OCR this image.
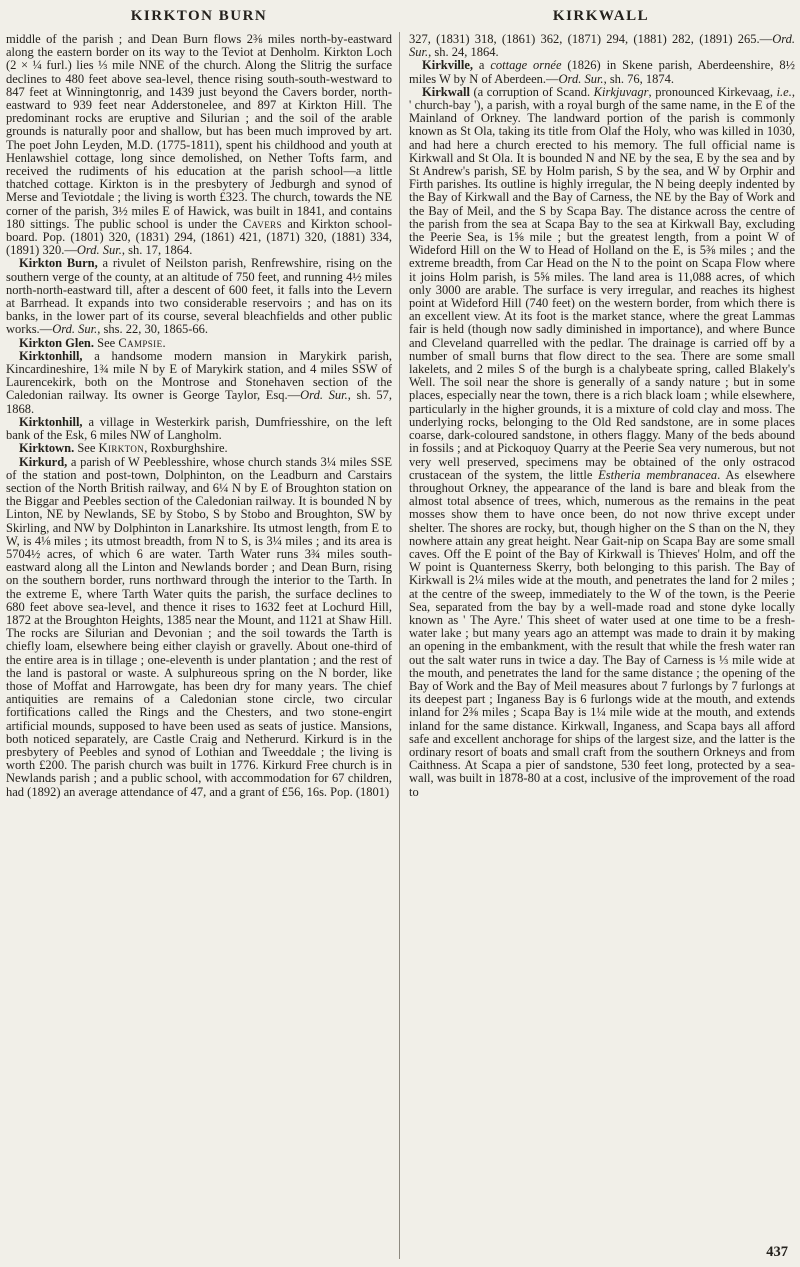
KIRKTON BURN	KIRKWALL

middle of the parish ; and Dean Burn flows 2⅜ miles north-by-eastward along the eastern border on its way to the Teviot at Denholm. Kirkton Loch (2 × ¼ furl.) lies ⅓ mile NNE of the church. Along the Slitrig the surface declines to 480 feet above sea-level, thence rising south-south-westward to 847 feet at Winningtonrig, and 1439 just beyond the Cavers border, north-eastward to 939 feet near Adderstonelee, and 897 at Kirkton Hill. The predominant rocks are eruptive and Silurian ; and the soil of the arable grounds is naturally poor and shallow, but has been much improved by art. The poet John Leyden, M.D. (1775-1811), spent his childhood and youth at Henlawshiel cottage, long since demolished, on Nether Tofts farm, and received the rudiments of his education at the parish school—a little thatched cottage. Kirkton is in the presbytery of Jedburgh and synod of Merse and Teviotdale ; the living is worth £323. The church, towards the NE corner of the parish, 3½ miles E of Hawick, was built in 1841, and contains 180 sittings. The public school is under the Cavers and Kirkton school-board. Pop. (1801) 320, (1831) 294, (1861) 421, (1871) 320, (1881) 334, (1891) 320.—Ord. Sur., sh. 17, 1864.

Kirkton Burn, a rivulet of Neilston parish, Renfrewshire, rising on the southern verge of the county, at an altitude of 750 feet, and running 4½ miles north-north-eastward till, after a descent of 600 feet, it falls into the Levern at Barrhead. It expands into two considerable reservoirs ; and has on its banks, in the lower part of its course, several bleachfields and other public works.—Ord. Sur., shs. 22, 30, 1865-66.

Kirkton Glen. See Campsie.

Kirktonhill, a handsome modern mansion in Marykirk parish, Kincardineshire, 1¾ mile N by E of Marykirk station, and 4 miles SSW of Laurencekirk, both on the Montrose and Stonehaven section of the Caledonian railway. Its owner is George Taylor, Esq.—Ord. Sur., sh. 57, 1868.

Kirktonhill, a village in Westerkirk parish, Dumfriesshire, on the left bank of the Esk, 6 miles NW of Langholm.

Kirktown. See Kirkton, Roxburghshire.

Kirkurd, a parish of W Peeblesshire, whose church stands 3¼ miles SSE of the station and post-town, Dolphinton, on the Leadburn and Carstairs section of the North British railway, and 6¼ N by E of Broughton station on the Biggar and Peebles section of the Caledonian railway. It is bounded N by Linton, NE by Newlands, SE by Stobo, S by Stobo and Broughton, SW by Skirling, and NW by Dolphinton in Lanarkshire. Its utmost length, from E to W, is 4⅛ miles ; its utmost breadth, from N to S, is 3¼ miles ; and its area is 5704½ acres, of which 6 are water. Tarth Water runs 3¾ miles south-eastward along all the Linton and Newlands border ; and Dean Burn, rising on the southern border, runs northward through the interior to the Tarth. In the extreme E, where Tarth Water quits the parish, the surface declines to 680 feet above sea-level, and thence it rises to 1632 feet at Lochurd Hill, 1872 at the Broughton Heights, 1385 near the Mount, and 1121 at Shaw Hill. The rocks are Silurian and Devonian ; and the soil towards the Tarth is chiefly loam, elsewhere being either clayish or gravelly. About one-third of the entire area is in tillage ; one-eleventh is under plantation ; and the rest of the land is pastoral or waste. A sulphureous spring on the N border, like those of Moffat and Harrowgate, has been dry for many years. The chief antiquities are remains of a Caledonian stone circle, two circular fortifications called the Rings and the Chesters, and two stone-engirt artificial mounds, supposed to have been used as seats of justice. Mansions, both noticed separately, are Castle Craig and Netherurd. Kirkurd is in the presbytery of Peebles and synod of Lothian and Tweeddale ; the living is worth £200. The parish church was built in 1776. Kirkurd Free church is in Newlands parish ; and a public school, with accommodation for 67 children, had (1892) an average attendance of 47, and a grant of £56, 16s. Pop. (1801)

327, (1831) 318, (1861) 362, (1871) 294, (1881) 282, (1891) 265.—Ord. Sur., sh. 24, 1864.

Kirkville, a cottage ornée (1826) in Skene parish, Aberdeenshire, 8½ miles W by N of Aberdeen.—Ord. Sur., sh. 76, 1874.

Kirkwall (a corruption of Scand. Kirkjuvagr, pronounced Kirkevaag, i.e., ' church-bay '), a parish, with a royal burgh of the same name, in the E of the Mainland of Orkney. The landward portion of the parish is commonly known as St Ola, taking its title from Olaf the Holy, who was killed in 1030, and had here a church erected to his memory. The full official name is Kirkwall and St Ola. It is bounded N and NE by the sea, E by the sea and by St Andrew's parish, SE by Holm parish, S by the sea, and W by Orphir and Firth parishes. Its outline is highly irregular, the N being deeply indented by the Bay of Kirkwall and the Bay of Carness, the NE by the Bay of Work and the Bay of Meil, and the S by Scapa Bay. The distance across the centre of the parish from the sea at Scapa Bay to the sea at Kirkwall Bay, excluding the Peerie Sea, is 1⅝ mile ; but the greatest length, from a point W of Wideford Hill on the W to Head of Holland on the E, is 5⅜ miles ; and the extreme breadth, from Car Head on the N to the point on Scapa Flow where it joins Holm parish, is 5⅝ miles. The land area is 11,088 acres, of which only 3000 are arable. The surface is very irregular, and reaches its highest point at Wideford Hill (740 feet) on the western border, from which there is an excellent view. At its foot is the market stance, where the great Lammas fair is held (though now sadly diminished in importance), and where Bunce and Cleveland quarrelled with the pedlar. The drainage is carried off by a number of small burns that flow direct to the sea. There are some small lakelets, and 2 miles S of the burgh is a chalybeate spring, called Blakely's Well. The soil near the shore is generally of a sandy nature ; but in some places, especially near the town, there is a rich black loam ; while elsewhere, particularly in the higher grounds, it is a mixture of cold clay and moss. The underlying rocks, belonging to the Old Red sandstone, are in some places coarse, dark-coloured sandstone, in others flaggy. Many of the beds abound in fossils ; and at Pickoquoy Quarry at the Peerie Sea very numerous, but not very well preserved, specimens may be obtained of the only ostracod crustacean of the system, the little Estheria membranacea. As elsewhere throughout Orkney, the appearance of the land is bare and bleak from the almost total absence of trees, which, numerous as the remains in the peat mosses show them to have once been, do not now thrive except under shelter. The shores are rocky, but, though higher on the S than on the N, they nowhere attain any great height. Near Gait-nip on Scapa Bay are some small caves. Off the E point of the Bay of Kirkwall is Thieves' Holm, and off the W point is Quanterness Skerry, both belonging to this parish. The Bay of Kirkwall is 2¼ miles wide at the mouth, and penetrates the land for 2 miles ; at the centre of the sweep, immediately to the W of the town, is the Peerie Sea, separated from the bay by a well-made road and stone dyke locally known as ' The Ayre.' This sheet of water used at one time to be a fresh-water lake ; but many years ago an attempt was made to drain it by making an opening in the embankment, with the result that while the fresh water ran out the salt water runs in twice a day. The Bay of Carness is ⅓ mile wide at the mouth, and penetrates the land for the same distance ; the opening of the Bay of Work and the Bay of Meil measures about 7 furlongs by 7 furlongs at its deepest part ; Inganess Bay is 6 furlongs wide at the mouth, and extends inland for 2⅜ miles ; Scapa Bay is 1¼ mile wide at the mouth, and extends inland for the same distance. Kirkwall, Inganess, and Scapa bays all afford safe and excellent anchorage for ships of the largest size, and the latter is the ordinary resort of boats and small craft from the southern Orkneys and from Caithness. At Scapa a pier of sandstone, 530 feet long, protected by a sea-wall, was built in 1878-80 at a cost, inclusive of the improvement of the road to

437
